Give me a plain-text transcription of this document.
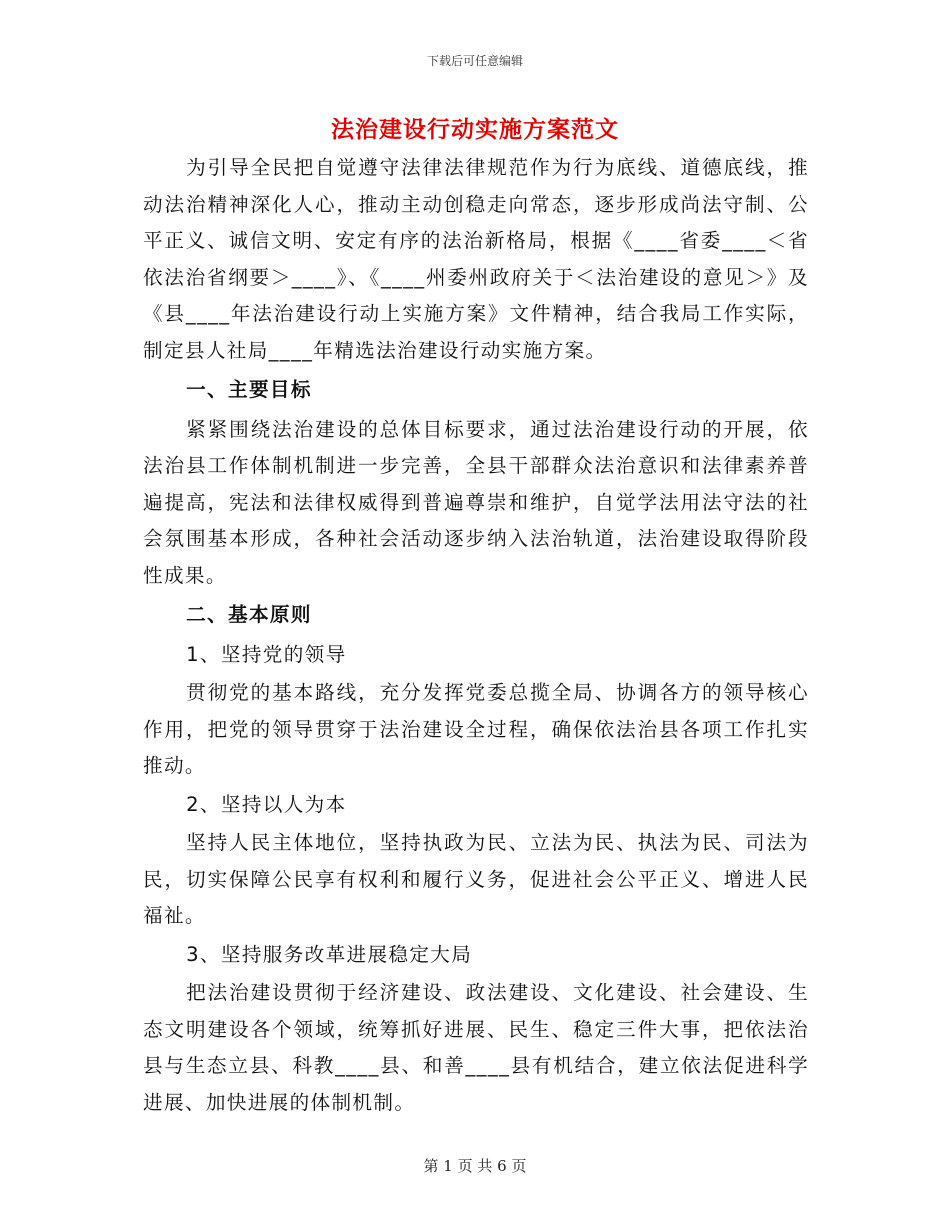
下载后可任意编辑
法治建设行动实施方案范文

为引导全民把自觉遵守法律法律规范作为行为底线、道德底线，推动法治精神深化人心，推动主动创稳走向常态，逐步形成尚法守制、公平正义、诚信文明、安定有序的法治新格局，根据《____省委____＜省依法治省纲要＞____》、《____州委州政府关于＜法治建设的意见＞》及《县____年法治建设行动上实施方案》文件精神，结合我局工作实际，制定县人社局____年精选法治建设行动实施方案。

一、主要目标

紧紧围绕法治建设的总体目标要求，通过法治建设行动的开展，依法治县工作体制机制进一步完善，全县干部群众法治意识和法律素养普遍提高，宪法和法律权威得到普遍尊崇和维护，自觉学法用法守法的社会氛围基本形成，各种社会活动逐步纳入法治轨道，法治建设取得阶段性成果。

二、基本原则

1、坚持党的领导

贯彻党的基本路线，充分发挥党委总揽全局、协调各方的领导核心作用，把党的领导贯穿于法治建设全过程，确保依法治县各项工作扎实推动。

2、坚持以人为本

坚持人民主体地位，坚持执政为民、立法为民、执法为民、司法为民，切实保障公民享有权利和履行义务，促进社会公平正义、增进人民福祉。

3、坚持服务改革进展稳定大局

把法治建设贯彻于经济建设、政法建设、文化建设、社会建设、生态文明建设各个领域，统筹抓好进展、民生、稳定三件大事，把依法治县与生态立县、科教____县、和善____县有机结合，建立依法促进科学进展、加快进展的体制机制。

第 1 页 共 6 页
